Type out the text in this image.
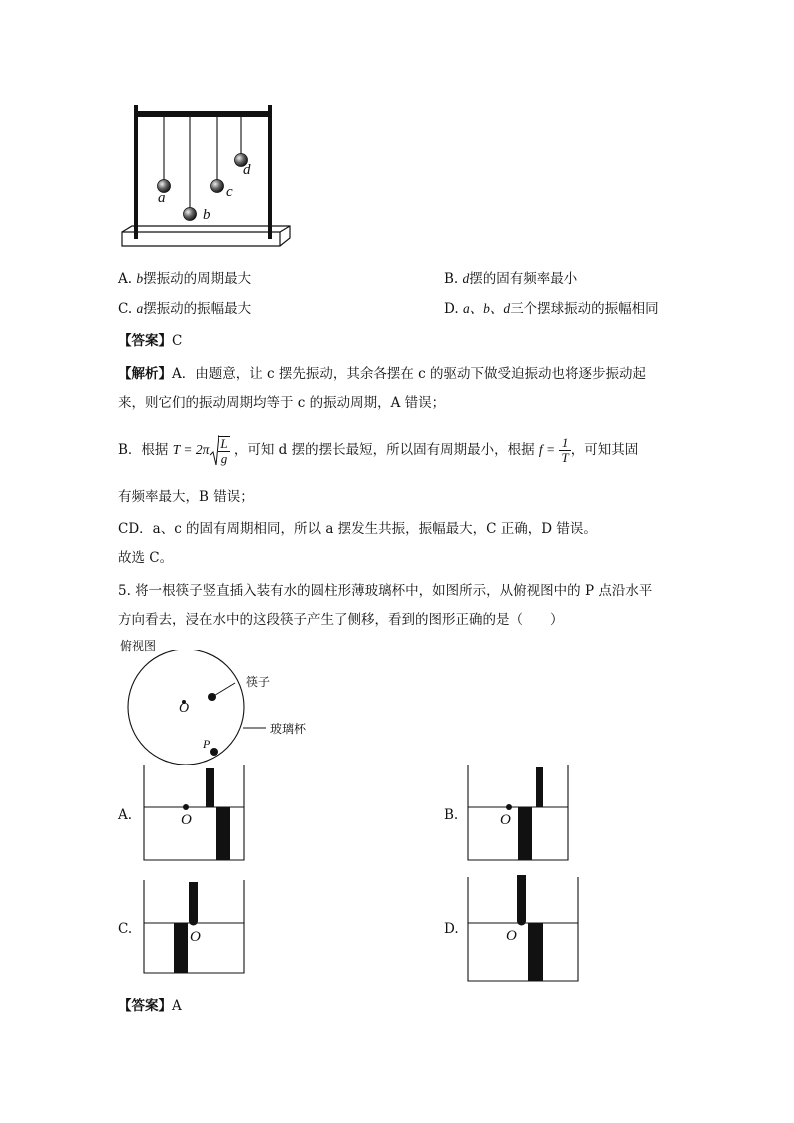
a
b
c
d
A. b摆振动的周期最大	B. d摆的固有频率最小
C. a摆振动的振幅最大	D. a、b、d三个摆球振动的振幅相同
【答案】C
【解析】A．由题意，让 c 摆先振动，其余各摆在 c 的驱动下做受迫振动也将逐步振动起
来，则它们的振动周期均等于 c 的振动周期，A 错误；
B．根据 $T = 2\pi \frac{L}{g}$ ，可知 d 摆的摆长最短，所以固有周期最小，根据 $f = \frac{1}{T}$ ，可知其固
有频率最大，B 错误；
CD．a、c 的固有周期相同，所以 a 摆发生共振，振幅最大，C 正确，D 错误。
故选 C。
5. 将一根筷子竖直插入装有水的圆柱形薄玻璃杯中，如图所示，从俯视图中的 P 点沿水平
方向看去，浸在水中的这段筷子产生了侧移，看到的图形正确的是（　　）
俯视图
筷子
玻璃杯
O
P
A.	O	B.	O
C.	O	D.	O
【答案】A
